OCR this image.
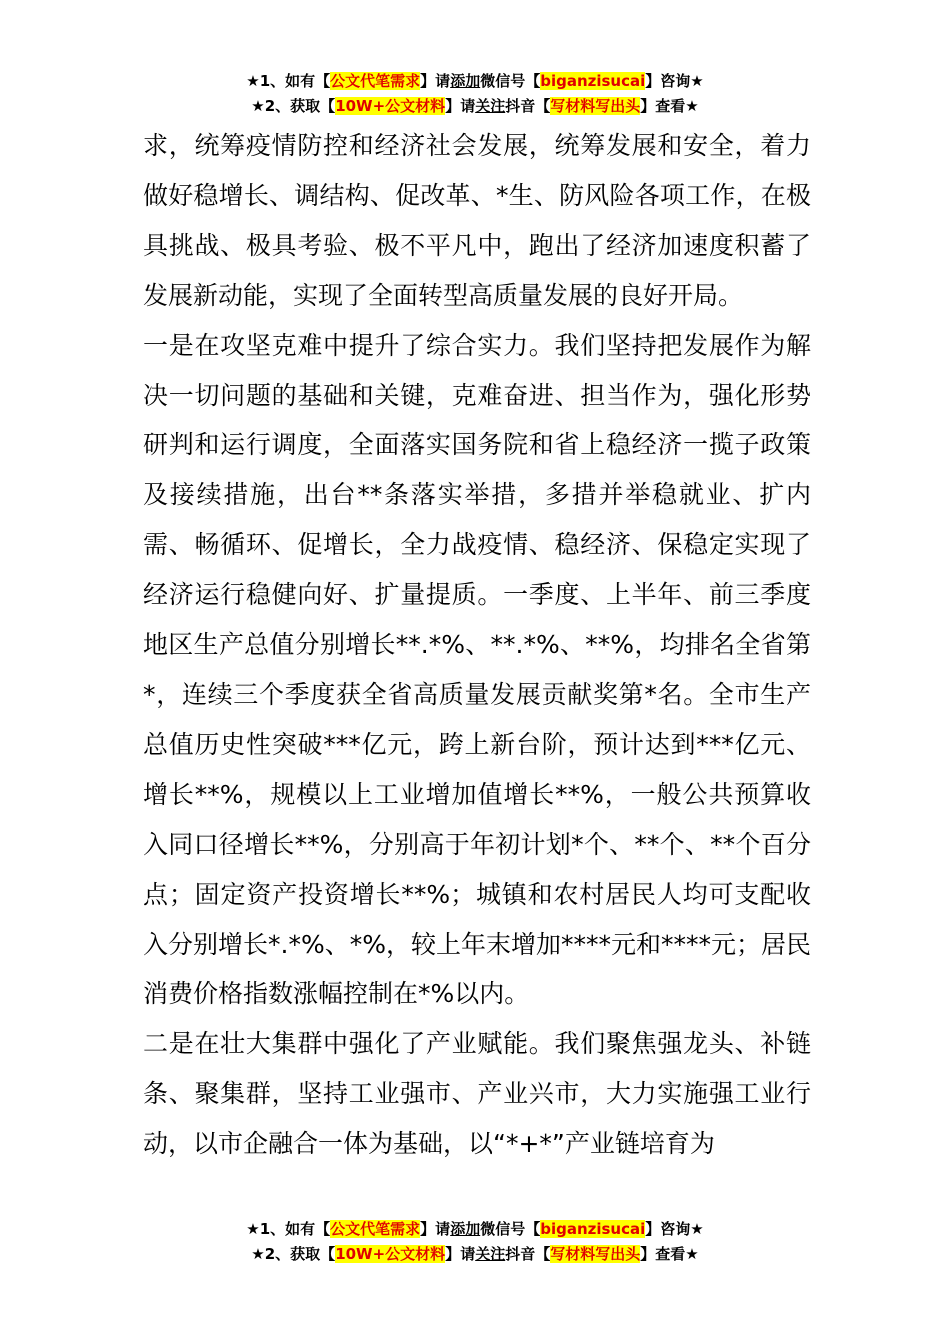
★1、如有【公文代笔需求】请添加微信号【biganzisucai】咨询★
★2、获取【10W+公文材料】请关注抖音【写材料写出头】查看★

求，统筹疫情防控和经济社会发展，统筹发展和安全，着力做好稳增长、调结构、促改革、*生、防风险各项工作，在极具挑战、极具考验、极不平凡中，跑出了经济加速度积蓄了发展新动能，实现了全面转型高质量发展的良好开局。

一是在攻坚克难中提升了综合实力。我们坚持把发展作为解决一切问题的基础和关键，克难奋进、担当作为，强化形势研判和运行调度，全面落实国务院和省上稳经济一揽子政策及接续措施，出台**条落实举措，多措并举稳就业、扩内需、畅循环、促增长，全力战疫情、稳经济、保稳定实现了经济运行稳健向好、扩量提质。一季度、上半年、前三季度地区生产总值分别增长**.*%、**.*%、**%，均排名全省第*，连续三个季度获全省高质量发展贡献奖第*名。全市生产总值历史性突破***亿元，跨上新台阶，预计达到***亿元、增长**%，规模以上工业增加值增长**%，一般公共预算收入同口径增长**%，分别高于年初计划*个、**个、**个百分点；固定资产投资增长**%；城镇和农村居民人均可支配收入分别增长*.*%、*%，较上年末增加****元和****元；居民消费价格指数涨幅控制在*%以内。

二是在壮大集群中强化了产业赋能。我们聚焦强龙头、补链条、聚集群，坚持工业强市、产业兴市，大力实施强工业行动，以市企融合一体为基础，以“*+*”产业链培育为

★1、如有【公文代笔需求】请添加微信号【biganzisucai】咨询★
★2、获取【10W+公文材料】请关注抖音【写材料写出头】查看★
